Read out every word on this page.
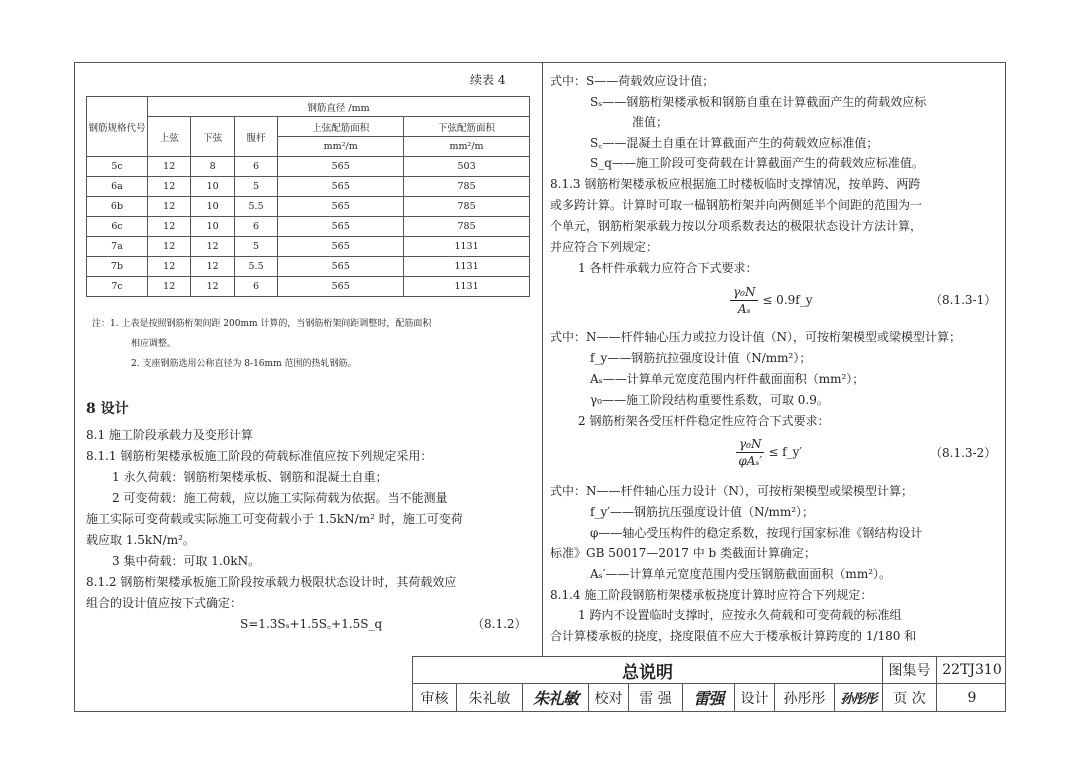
续表 4
钢筋规格代号	钢筋直径 /mm				
	上弦	下弦	腹杆	上弦配筋面积	下弦配筋面积
				mm²/m	mm²/m
5c	12	8	6	565	503
6a	12	10	5	565	785
6b	12	10	5.5	565	785
6c	12	10	6	565	785
7a	12	12	5	565	1131
7b	12	12	5.5	565	1131
7c	12	12	6	565	1131
注：1. 上表是按照钢筋桁架间距 200mm 计算的，当钢筋桁架间距调整时，配筋面积
相应调整。
2. 支座钢筋选用公称直径为 8-16mm 范围的热轧钢筋。
8 设计
8.1 施工阶段承载力及变形计算
8.1.1 钢筋桁架楼承板施工阶段的荷载标准值应按下列规定采用：
1 永久荷载：钢筋桁架楼承板、钢筋和混凝土自重；
2 可变荷载：施工荷载，应以施工实际荷载为依据。当不能测量
施工实际可变荷载或实际施工可变荷载小于 1.5kN/m² 时，施工可变荷
载应取 1.5kN/m²。
3 集中荷载：可取 1.0kN。
8.1.2 钢筋桁架楼承板施工阶段按承载力极限状态设计时，其荷载效应
组合的设计值应按下式确定：
S=1.3Sₛ+1.5S꜀+1.5S_q	（8.1.2）
式中：S——荷载效应设计值；
Sₛ——钢筋桁架楼承板和钢筋自重在计算截面产生的荷载效应标
准值；
S꜀——混凝土自重在计算截面产生的荷载效应标准值；
S_q——施工阶段可变荷载在计算截面产生的荷载效应标准值。
8.1.3 钢筋桁架楼承板应根据施工时楼板临时支撑情况，按单跨、两跨
或多跨计算。计算时可取一榀钢筋桁架并向两侧延半个间距的范围为一
个单元，钢筋桁架承载力按以分项系数表达的极限状态设计方法计算，
并应符合下列规定：
1 各杆件承载力应符合下式要求：
$\frac{\text{γ₀N}}{\text{Aₛ}}$ ≤ 0.9f_y	（8.1.3-1）
式中：N——杆件轴心压力或拉力设计值（N），可按桁架模型或梁模型计算；
f_y——钢筋抗拉强度设计值（N/mm²）；
Aₛ——计算单元宽度范围内杆件截面面积（mm²）；
γ₀——施工阶段结构重要性系数，可取 0.9。
2 钢筋桁架各受压杆件稳定性应符合下式要求：
$\frac{\text{γ₀N}}{\text{φAₛ′}}$ ≤ f_y′	（8.1.3-2）
式中：N——杆件轴心压力设计（N），可按桁架模型或梁模型计算；
f_y′——钢筋抗压强度设计值（N/mm²）；
φ——轴心受压构件的稳定系数，按现行国家标准《钢结构设计
标准》GB 50017—2017 中 b 类截面计算确定；
Aₛ′——计算单元宽度范围内受压钢筋截面面积（mm²）。
8.1.4 施工阶段钢筋桁架楼承板挠度计算时应符合下列规定：
1 跨内不设置临时支撑时，应按永久荷载和可变荷载的标准组
合计算楼承板的挠度，挠度限值不应大于楼承板计算跨度的 1/180 和
总说明	图集号 22TJ310
审核	朱礼敏	朱礼敏	校对	雷 强	雷强	设计	孙彤彤	孙彤彤	页 次	9
